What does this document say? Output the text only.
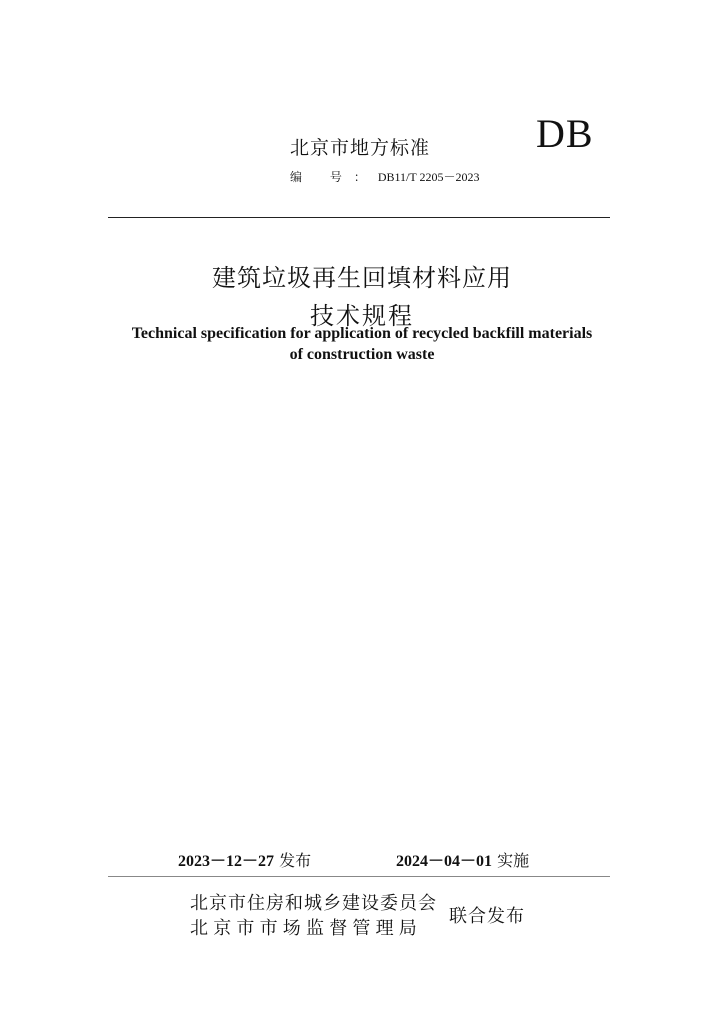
北京市地方标准	DB
编 号：DB11/T 2205－2023
建筑垃圾再生回填材料应用
技术规程
Technical specification for application of recycled backfill materials
of construction waste
2023－12－27 发布	2024－04－01 实施
北京市住房和城乡建设委员会
北京市市场监督管理局
联合发布
